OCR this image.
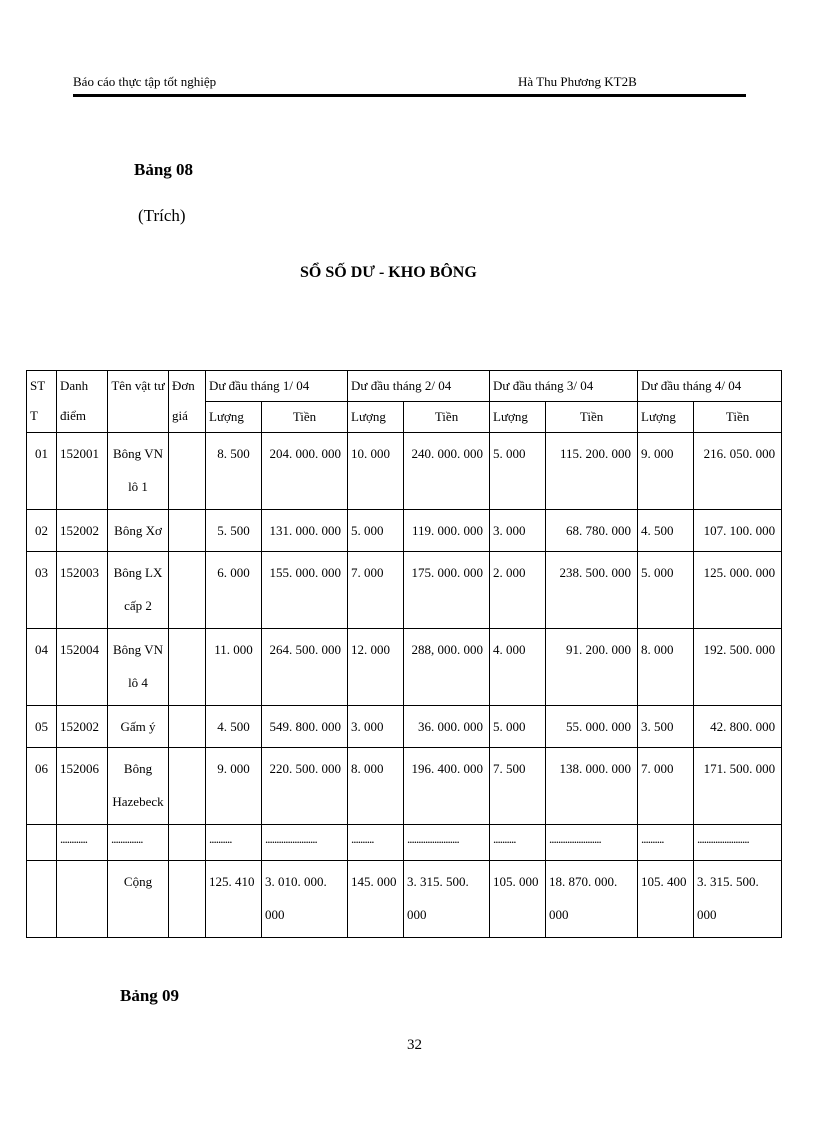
Báo cáo thực tập tốt nghiệp	Hà Thu Phương KT2B
Bảng 08
(Trích)
SỔ SỐ DƯ - KHO BÔNG
STT	Danh điểm	Tên vật tư	Đơn giá	Dư đầu tháng 1/ 04		Dư đầu tháng 2/ 04		Dư đầu tháng 3/ 04		Dư đầu tháng 4/ 04	
				Lượng	Tiền	Lượng	Tiền	Lượng	Tiền	Lượng	Tiền
01	152001	Bông VN lô 1		8. 500	204. 000. 000	10. 000	240. 000. 000	5. 000	115. 200. 000	9. 000	216. 050. 000
02	152002	Bông Xơ		5. 500	131. 000. 000	5. 000	119. 000. 000	3. 000	68. 780. 000	4. 500	107. 100. 000
03	152003	Bông LX cấp 2		6. 000	155. 000. 000	7. 000	175. 000. 000	2. 000	238. 500. 000	5. 000	125. 000. 000
04	152004	Bông VN lô 4		11. 000	264. 500. 000	12. 000	288, 000. 000	4. 000	91. 200. 000	8. 000	192. 500. 000
05	152002	Gấm ý		4. 500	549. 800. 000	3. 000	36. 000. 000	5. 000	55. 000. 000	3. 500	42. 800. 000
06	152006	Bông Hazebeck		9. 000	220. 500. 000	8. 000	196. 400. 000	7. 500	138. 000. 000	7. 000	171. 500. 000
	............	..............		..........	.......................	..........	.......................	..........	.......................	..........	.......................
		Cộng		125. 410	3. 010. 000. 000	145. 000	3. 315. 500. 000	105. 000	18. 870. 000. 000	105. 400	3. 315. 500. 000
Bảng 09
32
